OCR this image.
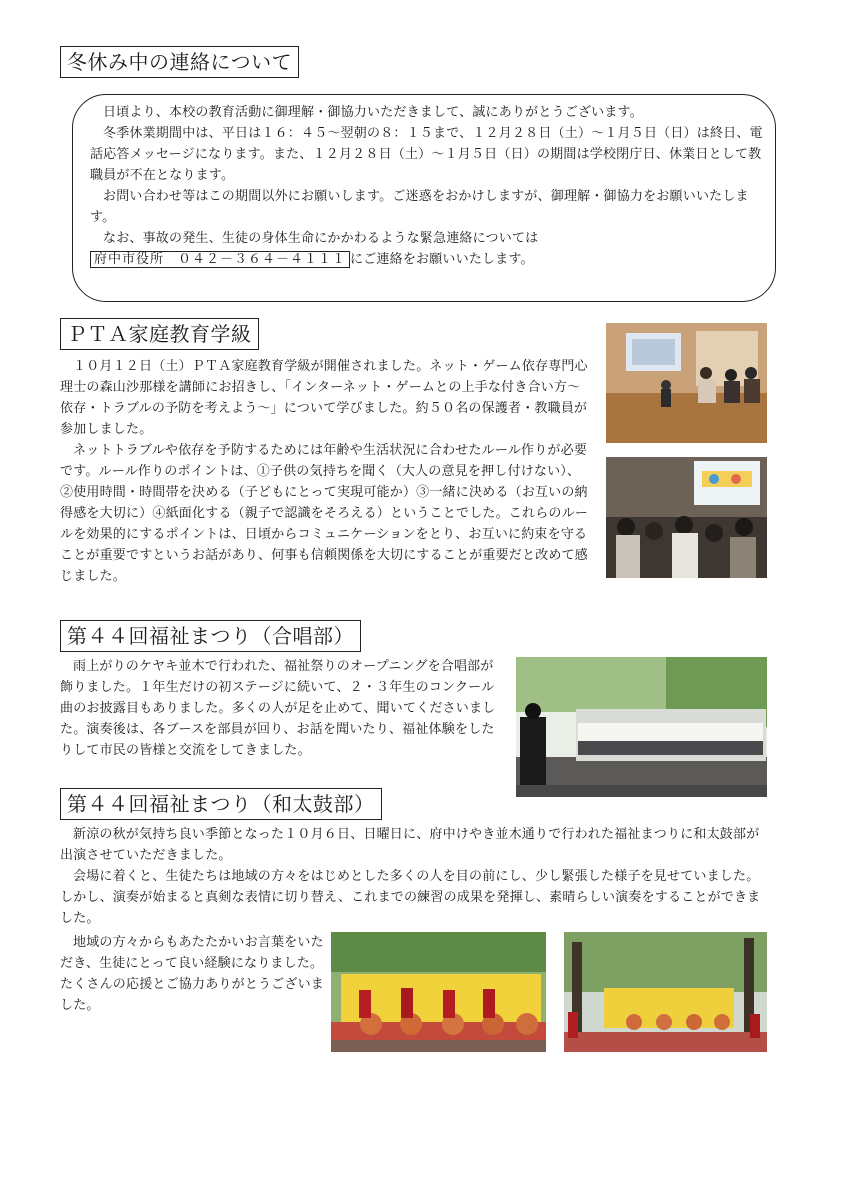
冬休み中の連絡について

日頃より、本校の教育活動に御理解・御協力いただきまして、誠にありがとうございます。

冬季休業期間中は、平日は１６：４５～翌朝の８：１５まで、１２月２８日（土）～１月５日（日）は終日、電話応答メッセージになります。また、１２月２８日（土）～１月５日（日）の期間は学校閉庁日、休業日として教職員が不在となります。

お問い合わせ等はこの期間以外にお願いします。ご迷惑をおかけしますが、御理解・御協力をお願いいたします。

なお、事故の発生、生徒の身体生命にかかわるような緊急連絡については

府中市役所　０４２－３６４－４１１１ にご連絡をお願いいたします。

ＰＴＡ家庭教育学級

１０月１２日（土）ＰＴＡ家庭教育学級が開催されました。ネット・ゲーム依存専門心理士の森山沙那様を講師にお招きし、「インターネット・ゲームとの上手な付き合い方～依存・トラブルの予防を考えよう～」について学びました。約５０名の保護者・教職員が参加しました。

ネットトラブルや依存を予防するためには年齢や生活状況に合わせたルール作りが必要です。ルール作りのポイントは、①子供の気持ちを聞く（大人の意見を押し付けない）、②使用時間・時間帯を決める（子どもにとって実現可能か）③一緒に決める（お互いの納得感を大切に）④紙面化する（親子で認識をそろえる）ということでした。これらのルールを効果的にするポイントは、日頃からコミュニケーションをとり、お互いに約束を守ることが重要ですというお話があり、何事も信頼関係を大切にすることが重要だと改めて感じました。

第４４回福祉まつり（合唱部）

雨上がりのケヤキ並木で行われた、福祉祭りのオープニングを合唱部が飾りました。１年生だけの初ステージに続いて、２・３年生のコンクール曲のお披露目もありました。多くの人が足を止めて、聞いてくださいました。演奏後は、各ブースを部員が回り、お話を聞いたり、福祉体験をしたりして市民の皆様と交流をしてきました。

第４４回福祉まつり（和太鼓部）

新涼の秋が気持ち良い季節となった１０月６日、日曜日に、府中けやき並木通りで行われた福祉まつりに和太鼓部が出演させていただきました。

会場に着くと、生徒たちは地域の方々をはじめとした多くの人を目の前にし、少し緊張した様子を見せていました。しかし、演奏が始まると真剣な表情に切り替え、これまでの練習の成果を発揮し、素晴らしい演奏をすることができました。

地域の方々からもあたたかいお言葉をいただき、生徒にとって良い経験になりました。たくさんの応援とご協力ありがとうございました。
